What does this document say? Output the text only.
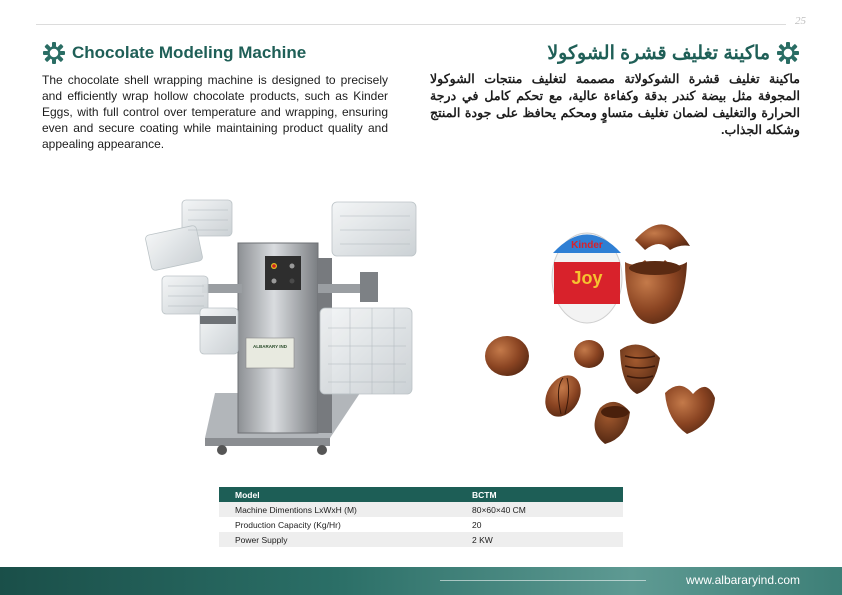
25
Chocolate Modeling Machine	ماكينة تغليف قشرة الشوكولا

The chocolate shell wrapping machine is designed to precisely and efficiently wrap hollow chocolate products, such as Kinder Eggs, with full control over temperature and wrapping, ensuring even and secure coating while maintaining product quality and appealing appearance.

ماكينة تغليف قشرة الشوكولاتة مصممة لتغليف منتجات الشوكولا المجوفة مثل بيضة كندر بدقة وكفاءة عالية، مع تحكم كامل في درجة الحرارة والتغليف لضمان تغليف متساوٍ ومحكم يحافظ على جودة المنتج وشكله الجذاب.

ALBARARY IND
Kinder
Joy
Model	BCTM
Machine Dimentions LxWxH (M)	80×60×40 CM
Production Capacity (Kg/Hr)	20
Power Supply	2 KW
www.albararyind.com
